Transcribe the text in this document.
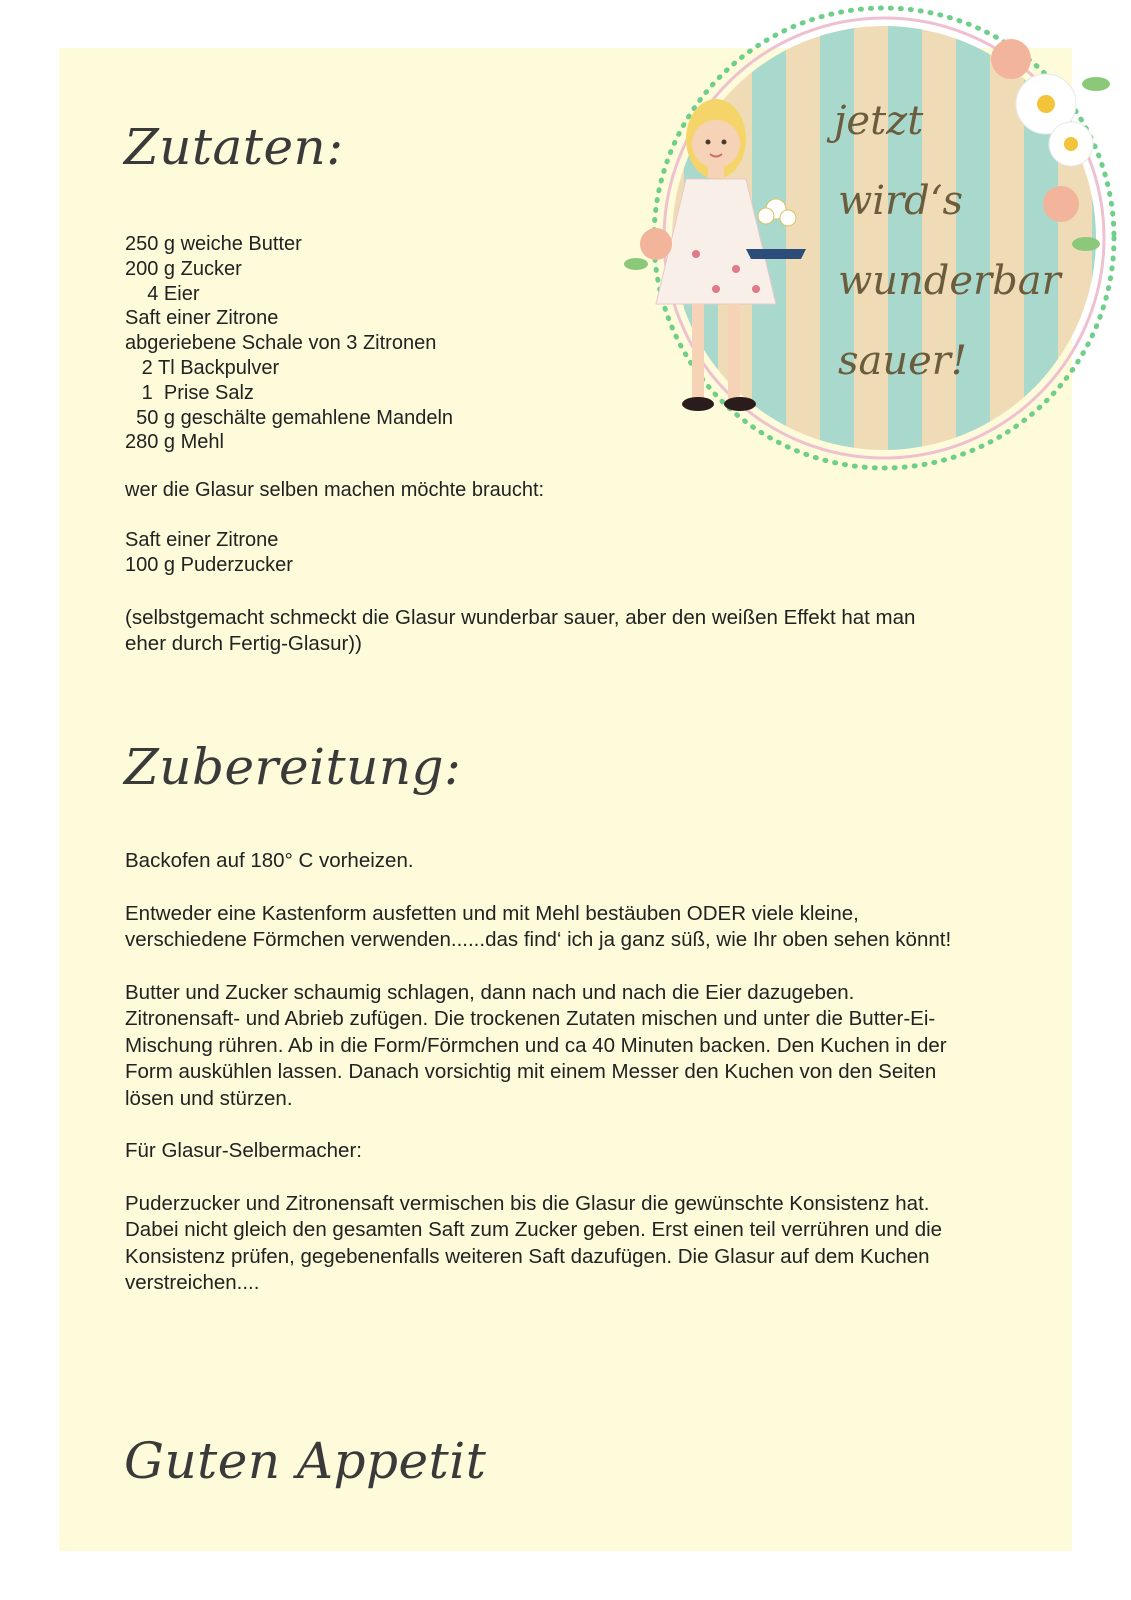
Zutaten:
250 g weiche Butter
200 g Zucker
4 Eier
Saft einer Zitrone
abgeriebene Schale von 3 Zitronen
2 Tl Backpulver
1  Prise Salz
50 g geschälte gemahlene Mandeln
280 g Mehl
wer die Glasur selben machen möchte braucht:
Saft einer Zitrone
100 g Puderzucker
(selbstgemacht schmeckt die Glasur wunderbar sauer, aber den weißen Effekt hat man eher durch Fertig-Glasur))
Zubereitung:

Backofen auf 180° C vorheizen.

Entweder eine Kastenform ausfetten und mit Mehl bestäuben ODER viele kleine, verschiedene Förmchen verwenden......das find‘ ich ja ganz süß, wie Ihr oben sehen könnt!

Butter und Zucker schaumig schlagen, dann nach und nach die Eier dazugeben. Zitronensaft- und Abrieb zufügen. Die trockenen Zutaten mischen und unter die Butter-Ei-Mischung rühren. Ab in die Form/Förmchen und ca 40 Minuten backen. Den Kuchen in der Form auskühlen lassen. Danach vorsichtig mit einem Messer den Kuchen von den Seiten lösen und stürzen.

Für Glasur-Selbermacher:

Puderzucker und Zitronensaft vermischen bis die Glasur die gewünschte Konsistenz hat. Dabei nicht gleich den gesamten Saft zum Zucker geben. Erst einen teil verrühren und die Konsistenz prüfen, gegebenenfalls weiteren Saft dazufügen. Die Glasur auf dem Kuchen verstreichen....

Guten Appetit
jetzt
wird‘s
wunderbar
sauer!
